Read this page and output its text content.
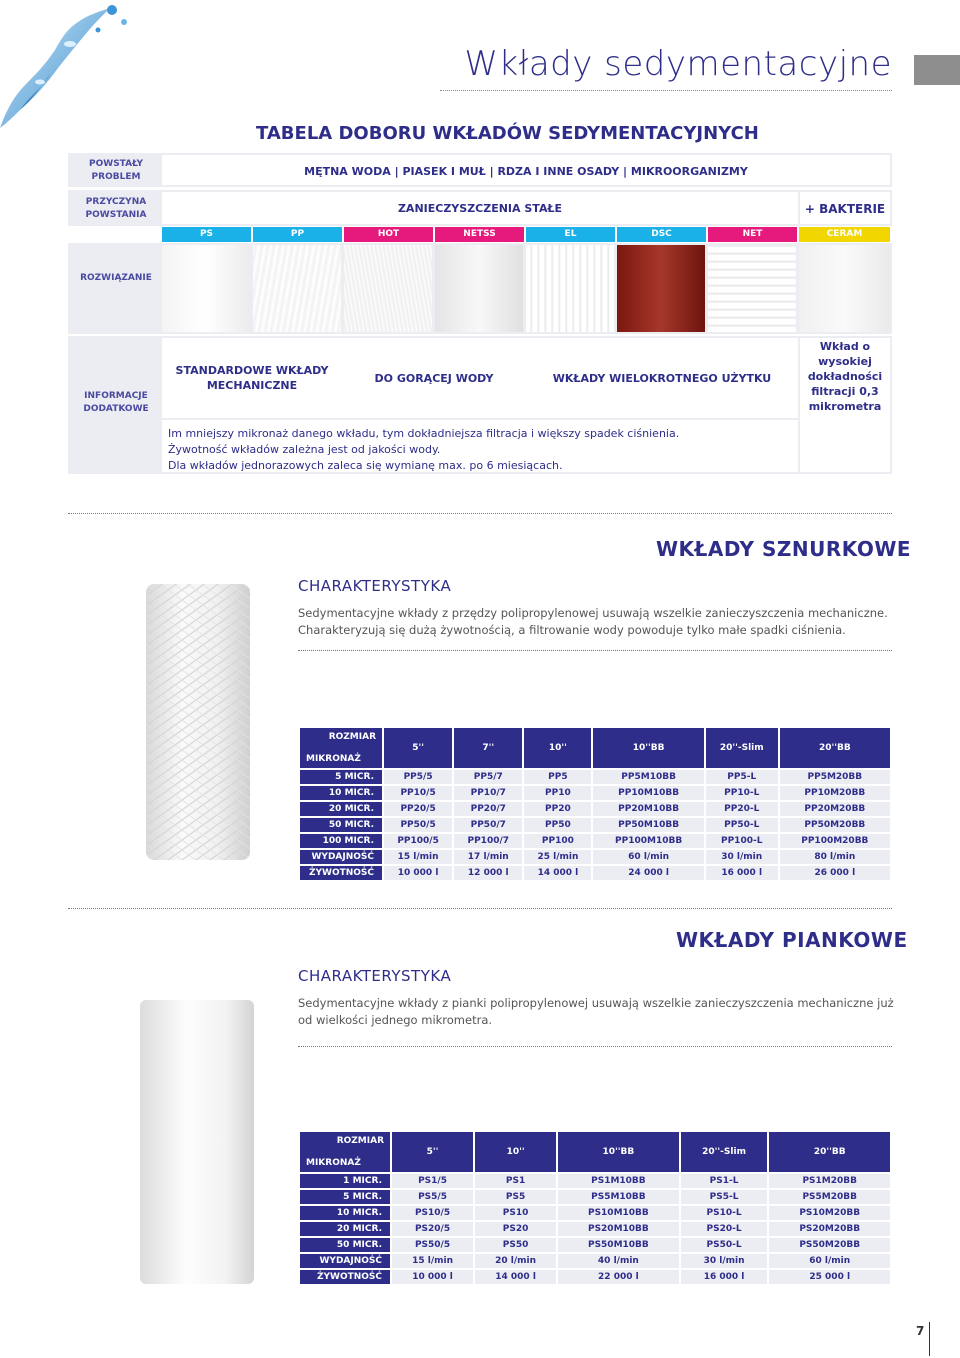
Wkłady sedymentacyjne
TABELA DOBORU WKŁADÓW SEDYMENTACYJNYCH
POWSTAŁY PROBLEM	MĘTNA WODA | PIASEK I MUŁ | RDZA I INNE OSADY | MIKROORGANIZMY
PRZYCZYNA POWSTANIA	ZANIECZYSZCZENIA STAŁE	+ BAKTERIE
PS	PP	HOT	NETSS	EL	DSC	NET	CERAM
ROZWIĄZANIE
INFORMACJE DODATKOWE
STANDARDOWE WKŁADY MECHANICZNE
DO GORĄCEJ WODY	WKŁADY WIELOKROTNEGO UŻYTKU
Wkład o wysokiej dokładności filtracji 0,3 mikrometra
Im mniejszy mikronaż danego wkładu, tym dokładniejsza filtracja i większy spadek ciśnienia.
Żywotność wkładów zależna jest od jakości wody.
Dla wkładów jednorazowych zaleca się wymianę max. po 6 miesiącach.
WKŁADY SZNURKOWE
CHARAKTERYSTYKA
Sedymentacyjne wkłady z przędzy polipropylenowej usuwają wszelkie zanieczyszczenia mechaniczne.
Charakteryzują się dużą żywotnością, a filtrowanie wody powoduje tylko małe spadki ciśnienia.
ROZMIAR
MIKRONAŻ	5''	7''	10''	10''BB	20''-Slim	20''BB
5 MICR.	PP5/5	PP5/7	PP5	PP5M10BB	PP5-L	PP5M20BB
10 MICR.	PP10/5	PP10/7	PP10	PP10M10BB	PP10-L	PP10M20BB
20 MICR.	PP20/5	PP20/7	PP20	PP20M10BB	PP20-L	PP20M20BB
50 MICR.	PP50/5	PP50/7	PP50	PP50M10BB	PP50-L	PP50M20BB
100 MICR.	PP100/5	PP100/7	PP100	PP100M10BB	PP100-L	PP100M20BB
WYDAJNOŚĆ	15 l/min	17 l/min	25 l/min	60 l/min	30 l/min	80 l/min
ŻYWOTNOŚĆ	10 000 l	12 000 l	14 000 l	24 000 l	16 000 l	26 000 l
WKŁADY PIANKOWE
CHARAKTERYSTYKA
Sedymentacyjne wkłady z pianki polipropylenowej usuwają wszelkie zanieczyszczenia mechaniczne już
od wielkości jednego mikrometra.
ROZMIAR
MIKRONAŻ	5''	10''	10''BB	20''-Slim	20''BB
1 MICR.	PS1/5	PS1	PS1M10BB	PS1-L	PS1M20BB
5 MICR.	PS5/5	PS5	PS5M10BB	PS5-L	PS5M20BB
10 MICR.	PS10/5	PS10	PS10M10BB	PS10-L	PS10M20BB
20 MICR.	PS20/5	PS20	PS20M10BB	PS20-L	PS20M20BB
50 MICR.	PS50/5	PS50	PS50M10BB	PS50-L	PS50M20BB
WYDAJNOŚĆ	15 l/min	20 l/min	40 l/min	30 l/min	60 l/min
ŻYWOTNOŚĆ	10 000 l	14 000 l	22 000 l	16 000 l	25 000 l
7
